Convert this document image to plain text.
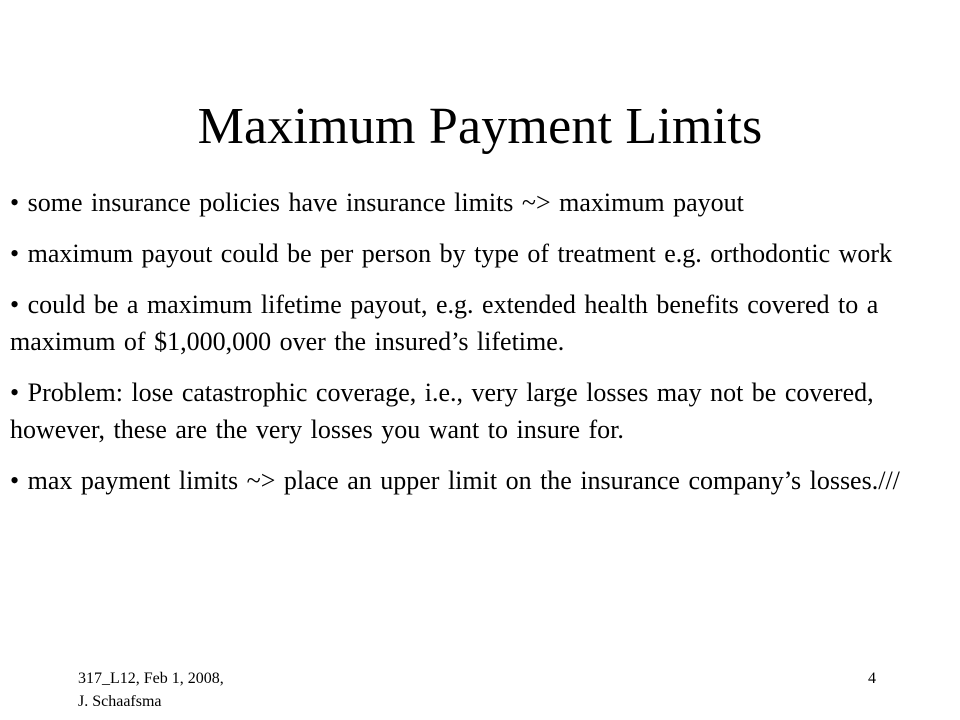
Maximum Payment Limits
• some insurance policies have insurance limits ~> maximum payout
• maximum payout could be per person by type of treatment e.g. orthodontic work
• could be a maximum lifetime payout, e.g. extended health benefits covered to a maximum of $1,000,000 over the insured’s lifetime.
• Problem: lose catastrophic coverage, i.e., very large losses may not be covered, however, these are the very losses you want to insure for.
• max payment limits ~> place an upper limit on the insurance company’s losses.///
317_L12, Feb 1, 2008,
J. Schaafsma
4
